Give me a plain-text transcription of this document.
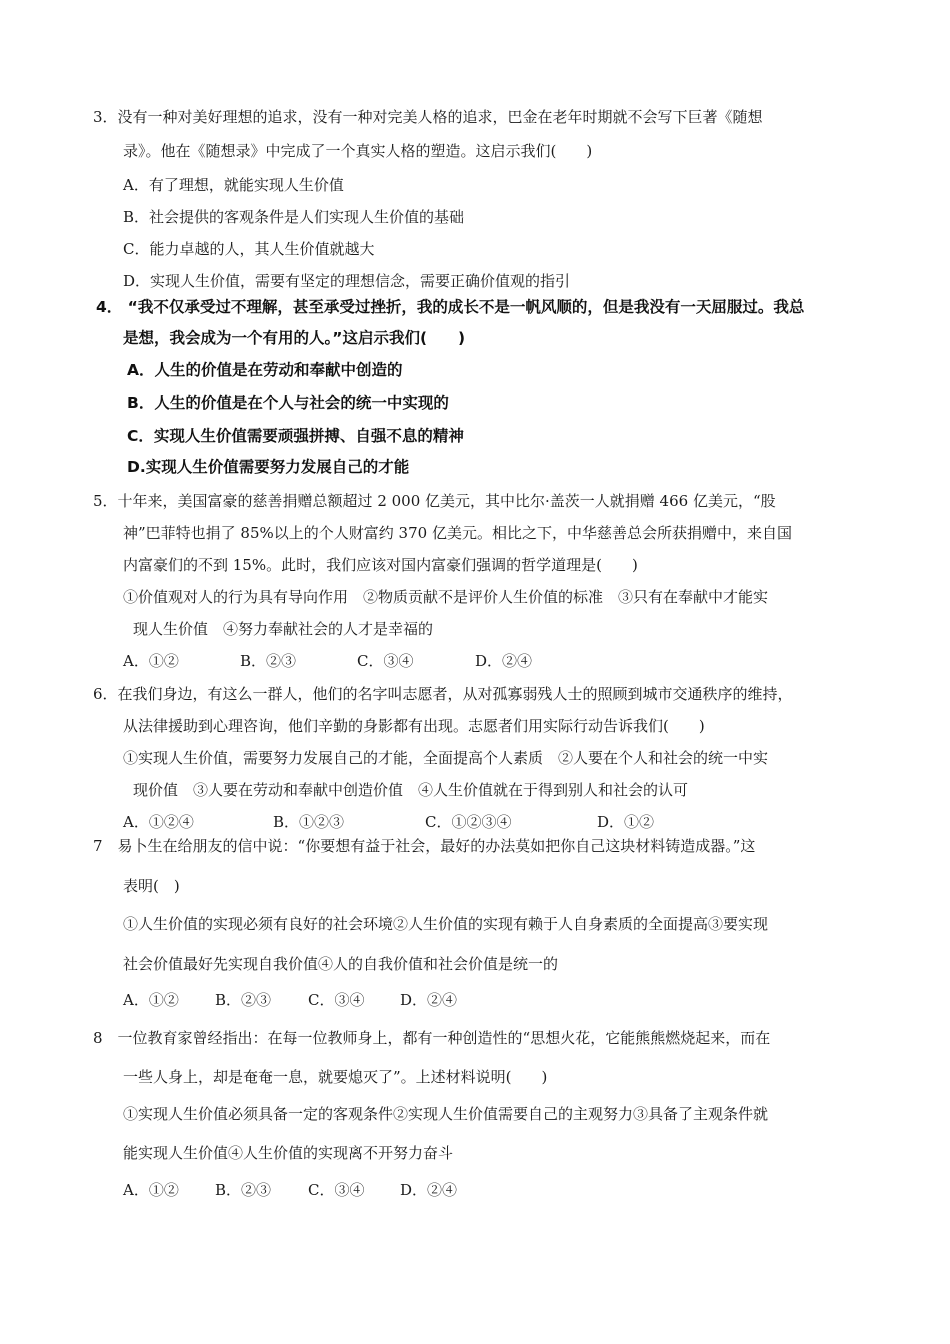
3．没有一种对美好理想的追求，没有一种对完美人格的追求，巴金在老年时期就不会写下巨著《随想
录》。他在《随想录》中完成了一个真实人格的塑造。这启示我们(　　)
A．有了理想，就能实现人生价值
B．社会提供的客观条件是人们实现人生价值的基础
C．能力卓越的人，其人生价值就越大
D．实现人生价值，需要有坚定的理想信念，需要正确价值观的指引
4． “我不仅承受过不理解，甚至承受过挫折，我的成长不是一帆风顺的，但是我没有一天屈服过。我总
是想，我会成为一个有用的人。”这启示我们(　　)
A．人生的价值是在劳动和奉献中创造的
B．人生的价值是在个人与社会的统一中实现的
C．实现人生价值需要顽强拼搏、自强不息的精神
D.实现人生价值需要努力发展自己的才能
5．十年来，美国富豪的慈善捐赠总额超过 2 000 亿美元，其中比尔·盖茨一人就捐赠 466 亿美元，“股
神”巴菲特也捐了 85%以上的个人财富约 370 亿美元。相比之下，中华慈善总会所获捐赠中，来自国
内富豪们的不到 15%。此时，我们应该对国内富豪们强调的哲学道理是(　　)
①价值观对人的行为具有导向作用　②物质贡献不是评价人生价值的标准　③只有在奉献中才能实
现人生价值　④努力奉献社会的人才是幸福的
A．①②	B．②③	C．③④	D．②④
6．在我们身边，有这么一群人，他们的名字叫志愿者，从对孤寡弱残人士的照顾到城市交通秩序的维持，
从法律援助到心理咨询，他们辛勤的身影都有出现。志愿者们用实际行动告诉我们(　　)
①实现人生价值，需要努力发展自己的才能，全面提高个人素质　②人要在个人和社会的统一中实
现价值　③人要在劳动和奉献中创造价值　④人生价值就在于得到别人和社会的认可
A．①②④	B．①②③	C．①②③④	D．①②
7　易卜生在给朋友的信中说：“你要想有益于社会，最好的办法莫如把你自己这块材料铸造成器。”这
表明(　)
①人生价值的实现必须有良好的社会环境②人生价值的实现有赖于人自身素质的全面提高③要实现
社会价值最好先实现自我价值④人的自我价值和社会价值是统一的
A．①② B．②③ C．③④ D．②④
8　一位教育家曾经指出：在每一位教师身上，都有一种创造性的“思想火花，它能熊熊燃烧起来，而在
一些人身上，却是奄奄一息，就要熄灭了”。上述材料说明(　　)
①实现人生价值必须具备一定的客观条件②实现人生价值需要自己的主观努力③具备了主观条件就
能实现人生价值④人生价值的实现离不开努力奋斗
A．①② B．②③ C．③④ D．②④
